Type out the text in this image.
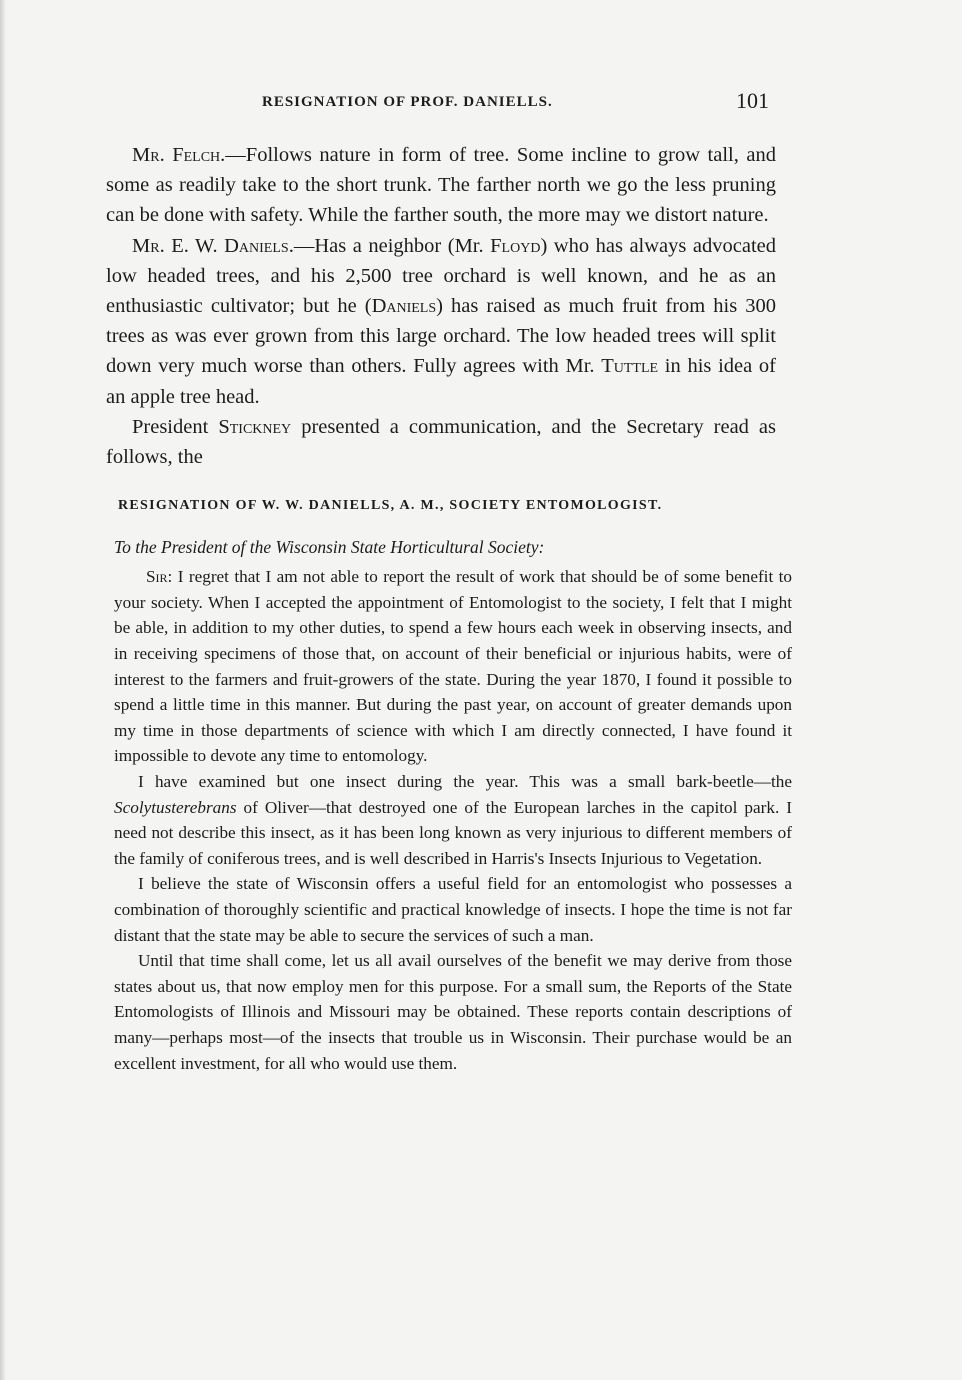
RESIGNATION OF PROF. DANIELLS.	101

Mr. Felch.—Follows nature in form of tree. Some incline to grow tall, and some as readily take to the short trunk. The farther north we go the less pruning can be done with safety. While the farther south, the more may we distort nature.

Mr. E. W. Daniels.—Has a neighbor (Mr. Floyd) who has always advocated low headed trees, and his 2,500 tree orchard is well known, and he as an enthusiastic cultivator; but he (Daniels) has raised as much fruit from his 300 trees as was ever grown from this large orchard. The low headed trees will split down very much worse than others. Fully agrees with Mr. Tuttle in his idea of an apple tree head.

President Stickney presented a communication, and the Secretary read as follows, the

RESIGNATION OF W. W. DANIELLS, A. M., SOCIETY ENTOMOLOGIST.
To the President of the Wisconsin State Horticultural Society:

Sir: I regret that I am not able to report the result of work that should be of some benefit to your society. When I accepted the appointment of Entomologist to the society, I felt that I might be able, in addition to my other duties, to spend a few hours each week in observing insects, and in receiving specimens of those that, on account of their beneficial or injurious habits, were of interest to the farmers and fruit-growers of the state. During the year 1870, I found it possible to spend a little time in this manner. But during the past year, on account of greater demands upon my time in those departments of science with which I am directly connected, I have found it impossible to devote any time to entomology.

I have examined but one insect during the year. This was a small bark-beetle—the Scolytusterebrans of Oliver—that destroyed one of the European larches in the capitol park. I need not describe this insect, as it has been long known as very injurious to different members of the family of coniferous trees, and is well described in Harris's Insects Injurious to Vegetation.

I believe the state of Wisconsin offers a useful field for an entomologist who possesses a combination of thoroughly scientific and practical knowledge of insects. I hope the time is not far distant that the state may be able to secure the services of such a man.

Until that time shall come, let us all avail ourselves of the benefit we may derive from those states about us, that now employ men for this purpose. For a small sum, the Reports of the State Entomologists of Illinois and Missouri may be obtained. These reports contain descriptions of many—perhaps most—of the insects that trouble us in Wisconsin. Their purchase would be an excellent investment, for all who would use them.
